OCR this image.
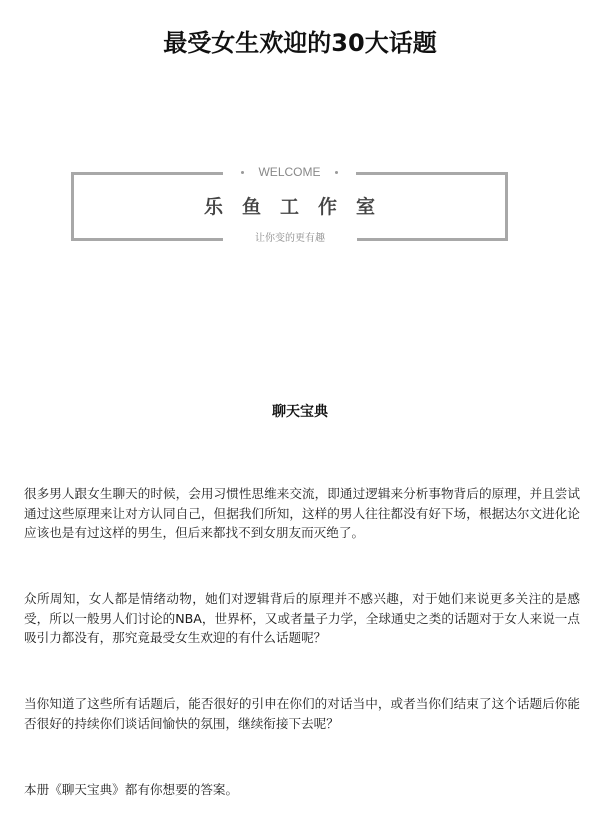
最受女生欢迎的30大话题
WELCOME
乐　鱼　工　作　室
让你变的更有趣
聊天宝典

很多男人跟女生聊天的时候，会用习惯性思维来交流，即通过逻辑来分析事物背后的原理，并且尝试通过这些原理来让对方认同自己，但据我们所知，这样的男人往往都没有好下场，根据达尔文进化论应该也是有过这样的男生，但后来都找不到女朋友而灭绝了。

众所周知，女人都是情绪动物，她们对逻辑背后的原理并不感兴趣，对于她们来说更多关注的是感受，所以一般男人们讨论的NBA，世界杯，又或者量子力学，全球通史之类的话题对于女人来说一点吸引力都没有，那究竟最受女生欢迎的有什么话题呢？

当你知道了这些所有话题后，能否很好的引申在你们的对话当中，或者当你们结束了这个话题后你能否很好的持续你们谈话间愉快的氛围，继续衔接下去呢？

本册《聊天宝典》都有你想要的答案。
